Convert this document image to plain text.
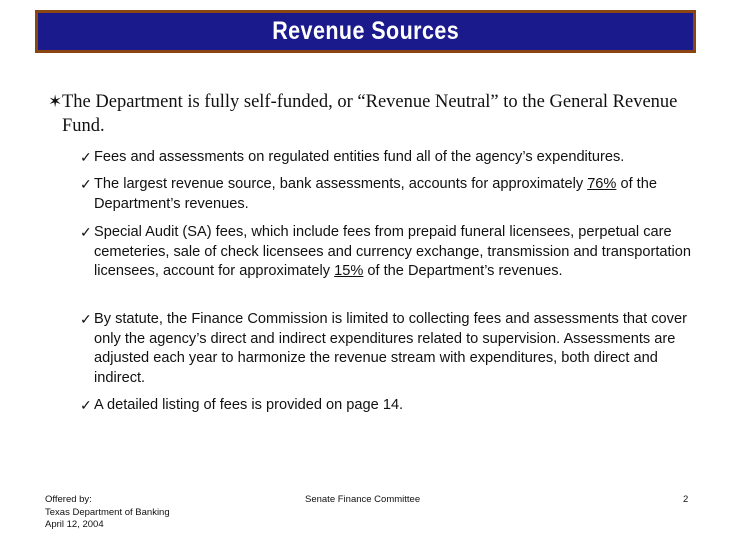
Revenue Sources
✶ The Department is fully self-funded, or “Revenue Neutral” to the General Revenue Fund.
✓ Fees and assessments on regulated entities fund all of the agency’s expenditures.
✓ The largest revenue source, bank assessments, accounts for approximately 76% of the Department’s revenues.
✓ Special Audit (SA) fees, which include fees from prepaid funeral licensees, perpetual care cemeteries, sale of check licensees and currency exchange, transmission and transportation licensees, account for approximately 15% of the Department’s revenues.
✓ By statute, the Finance Commission is limited to collecting fees and assessments that cover only the agency’s direct and indirect expenditures related to supervision. Assessments are adjusted each year to harmonize the revenue stream with expenditures, both direct and indirect.
✓ A detailed listing of fees is provided on page 14.
Offered by:
Texas Department of Banking
April 12, 2004
Senate Finance Committee	2
